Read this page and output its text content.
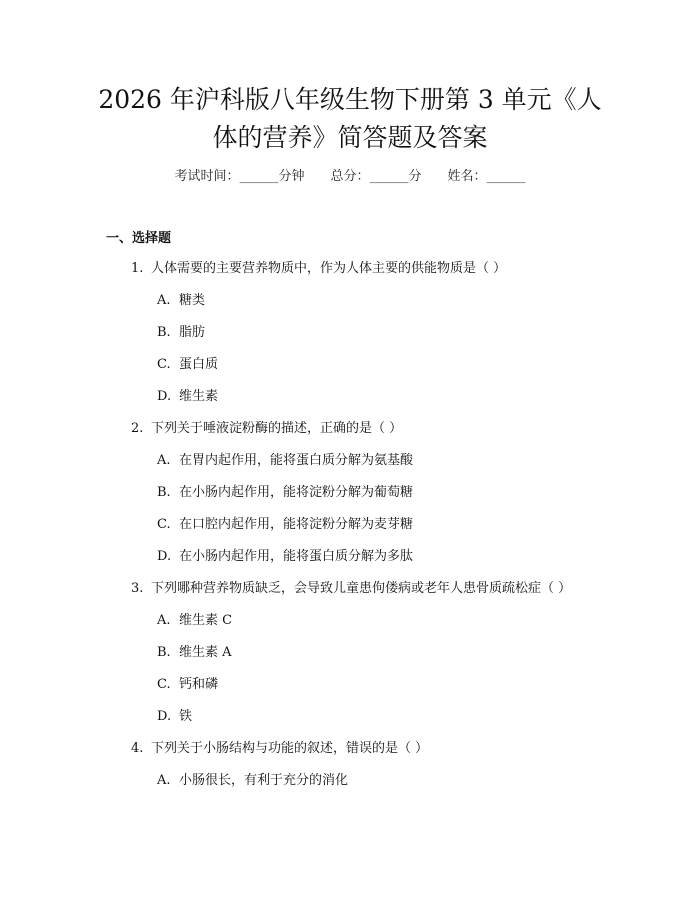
2026 年沪科版八年级生物下册第 3 单元《人
体的营养》简答题及答案
考试时间：______分钟 总分：______分 姓名：______
一、选择题
1. 人体需要的主要营养物质中，作为人体主要的供能物质是（ ）
A. 糖类
B. 脂肪
C. 蛋白质
D. 维生素
2. 下列关于唾液淀粉酶的描述，正确的是（ ）
A. 在胃内起作用，能将蛋白质分解为氨基酸
B. 在小肠内起作用，能将淀粉分解为葡萄糖
C. 在口腔内起作用，能将淀粉分解为麦芽糖
D. 在小肠内起作用，能将蛋白质分解为多肽
3. 下列哪种营养物质缺乏，会导致儿童患佝偻病或老年人患骨质疏松症（ ）
A. 维生素 C
B. 维生素 A
C. 钙和磷
D. 铁
4. 下列关于小肠结构与功能的叙述，错误的是（ ）
A. 小肠很长，有利于充分的消化
